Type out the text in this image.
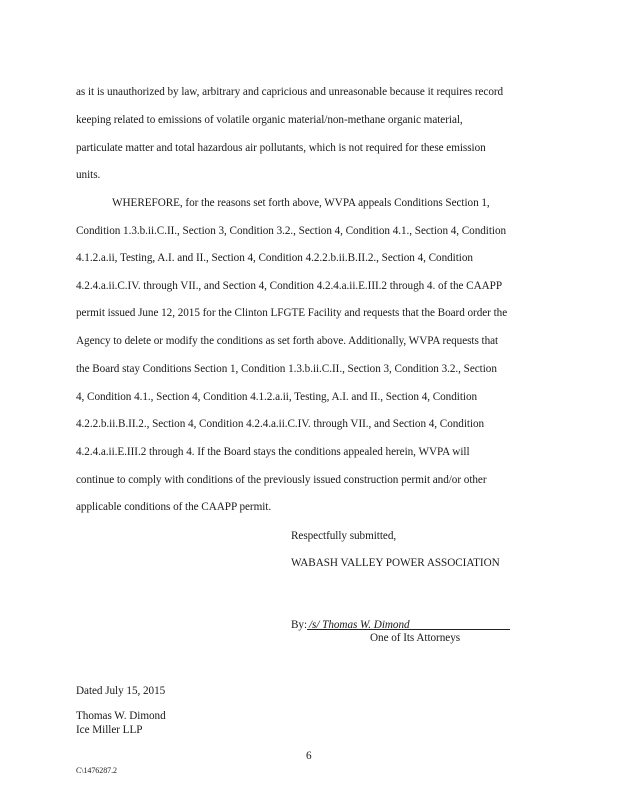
as it is unauthorized by law, arbitrary and capricious and unreasonable because it requires record
keeping related to emissions of volatile organic material/non-methane organic material,
particulate matter and total hazardous air pollutants, which is not required for these emission
units.
WHEREFORE, for the reasons set forth above, WVPA appeals Conditions Section 1,
Condition 1.3.b.ii.C.II., Section 3, Condition 3.2., Section 4, Condition 4.1., Section 4, Condition
4.1.2.a.ii, Testing, A.I. and II., Section 4, Condition 4.2.2.b.ii.B.II.2., Section 4, Condition
4.2.4.a.ii.C.IV. through VII., and Section 4, Condition 4.2.4.a.ii.E.III.2 through 4. of the CAAPP
permit issued June 12, 2015 for the Clinton LFGTE Facility and requests that the Board order the
Agency to delete or modify the conditions as set forth above. Additionally, WVPA requests that
the Board stay Conditions Section 1, Condition 1.3.b.ii.C.II., Section 3, Condition 3.2., Section
4, Condition 4.1., Section 4, Condition 4.1.2.a.ii, Testing, A.I. and II., Section 4, Condition
4.2.2.b.ii.B.II.2., Section 4, Condition 4.2.4.a.ii.C.IV. through VII., and Section 4, Condition
4.2.4.a.ii.E.III.2 through 4. If the Board stays the conditions appealed herein, WVPA will
continue to comply with conditions of the previously issued construction permit and/or other
applicable conditions of the CAAPP permit.
Respectfully submitted,
WABASH VALLEY POWER ASSOCIATION
By: /s/ Thomas W. Dimond
One of Its Attorneys
Dated July 15, 2015
Thomas W. Dimond
Ice Miller LLP
6
C\1476287.2
